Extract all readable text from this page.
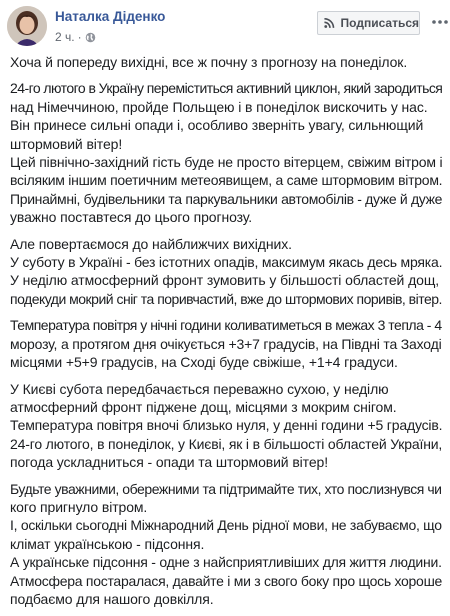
Наталка Діденко
2 ч. ·
Подписаться

Хоча й попереду вихідні, все ж почну з прогнозу на понеділок.

24-го лютого в Україну переміститься активний циклон, який зародиться
над Німеччиною, пройде Польщею і в понеділок вискочить у нас.
Він принесе сильні опади і, особливо зверніть увагу, сильнющий
штормовий вітер!
Цей північно-західний гість буде не просто вітерцем, свіжим вітром і
всіляким іншим поетичним метеоявищем, а саме штормовим вітром.
Принаймні, будівельники та паркувальники автомобілів - дуже й дуже
уважно поставтеся до цього прогнозу.

Але повертаємося до найближчих вихідних.
У суботу в Україні - без істотних опадів, максимум якась десь мряка.
У неділю атмосферний фронт зумовить у більшості областей дощ,
подекуди мокрий сніг та поривчастий, вже до штормових поривів, вітер.

Температура повітря у нічні години коливатиметься в межах 3 тепла - 4
морозу, а протягом дня очікується +3+7 градусів, на Півдні та Заході
місцями +5+9 градусів, на Сході буде свіжіше, +1+4 градуси.

У Києві субота передбачається переважно сухою, у неділю
атмосферний фронт піджене дощ, місцями з мокрим снігом.
Температура повітря вночі близько нуля, у денні години +5 градусів.
24-го лютого, в понеділок, у Києві, як і в більшості областей України,
погода ускладниться - опади та штормовий вітер!

Будьте уважними, обережними та підтримайте тих, хто послизнувся чи
кого пригнуло вітром.
І, оскільки сьогодні Міжнародний День рідної мови, не забуваємо, що
клімат українською - підсоння.
А українське підсоння - одне з найсприятливіших для життя людини.
Атмосфера постаралася, давайте і ми з свого боку про щось хороше
подбаємо для нашого довкілля.
